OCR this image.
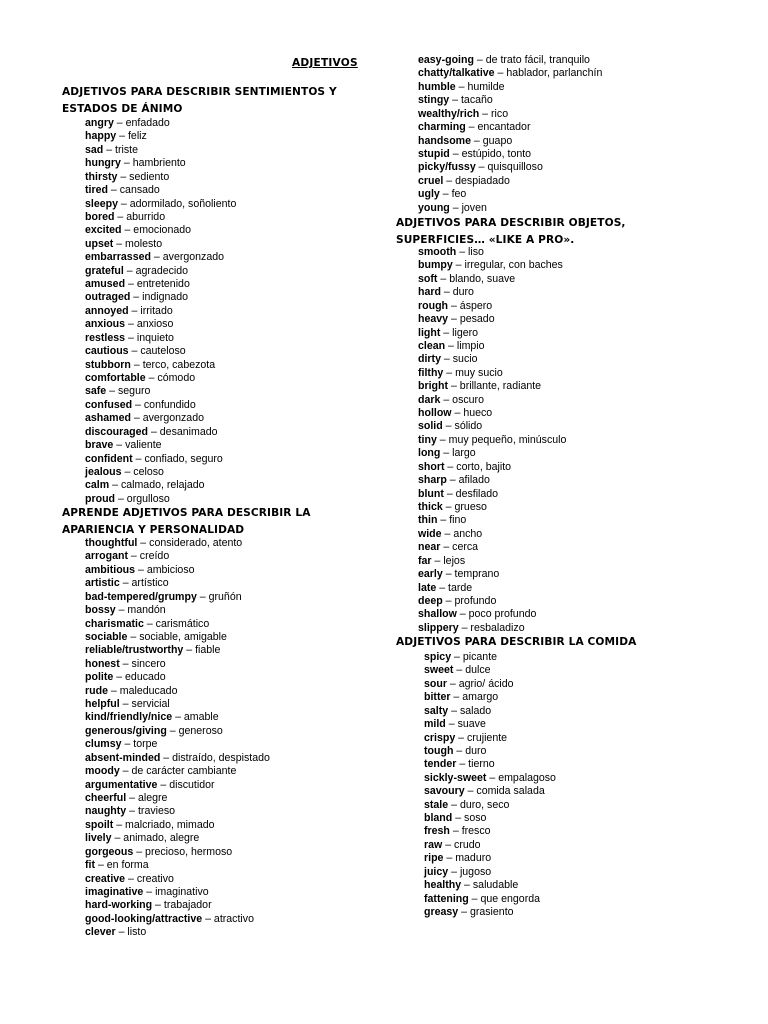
ADJETIVOS
ADJETIVOS PARA DESCRIBIR SENTIMIENTOS Y ESTADOS DE ÁNIMO
angry – enfadado
happy – feliz
sad – triste
hungry – hambriento
thirsty – sediento
tired – cansado
sleepy – adormilado, soñoliento
bored – aburrido
excited – emocionado
upset – molesto
embarrassed – avergonzado
grateful – agradecido
amused – entretenido
outraged – indignado
annoyed – irritado
anxious – anxioso
restless – inquieto
cautious – cauteloso
stubborn – terco, cabezota
comfortable – cómodo
safe – seguro
confused – confundido
ashamed – avergonzado
discouraged – desanimado
brave – valiente
confident – confiado, seguro
jealous – celoso
calm – calmado, relajado
proud – orgulloso
APRENDE ADJETIVOS PARA DESCRIBIR LA APARIENCIA Y PERSONALIDAD
thoughtful – considerado, atento
arrogant – creído
ambitious – ambicioso
artistic – artístico
bad-tempered/grumpy – gruñón
bossy – mandón
charismatic – carismático
sociable – sociable, amigable
reliable/trustworthy – fiable
honest – sincero
polite – educado
rude – maleducado
helpful – servicial
kind/friendly/nice – amable
generous/giving – generoso
clumsy – torpe
absent-minded – distraído, despistado
moody – de carácter cambiante
argumentative – discutidor
cheerful – alegre
naughty – travieso
spoilt – malcriado, mimado
lively – animado, alegre
gorgeous – precioso, hermoso
fit – en forma
creative – creativo
imaginative – imaginativo
hard-working – trabajador
good-looking/attractive – atractivo
clever – listo
easy-going – de trato fácil, tranquilo
chatty/talkative – hablador, parlanchín
humble – humilde
stingy – tacaño
wealthy/rich – rico
charming – encantador
handsome – guapo
stupid – estúpido, tonto
picky/fussy – quisquilloso
cruel – despiadado
ugly – feo
young – joven
ADJETIVOS PARA DESCRIBIR OBJETOS, SUPERFICIES… «LIKE A PRO».
smooth – liso
bumpy – irregular, con baches
soft – blando, suave
hard – duro
rough – áspero
heavy – pesado
light – ligero
clean – limpio
dirty – sucio
filthy – muy sucio
bright – brillante, radiante
dark – oscuro
hollow – hueco
solid – sólido
tiny – muy pequeño, minúsculo
long – largo
short – corto, bajito
sharp – afilado
blunt – desfilado
thick – grueso
thin – fino
wide – ancho
near – cerca
far – lejos
early – temprano
late – tarde
deep – profundo
shallow – poco profundo
slippery – resbaladizo
ADJETIVOS PARA DESCRIBIR LA COMIDA
spicy – picante
sweet – dulce
sour – agrio/ ácido
bitter – amargo
salty – salado
mild – suave
crispy – crujiente
tough – duro
tender – tierno
sickly-sweet – empalagoso
savoury – comida salada
stale – duro, seco
bland – soso
fresh – fresco
raw – crudo
ripe – maduro
juicy – jugoso
healthy – saludable
fattening – que engorda
greasy – grasiento
